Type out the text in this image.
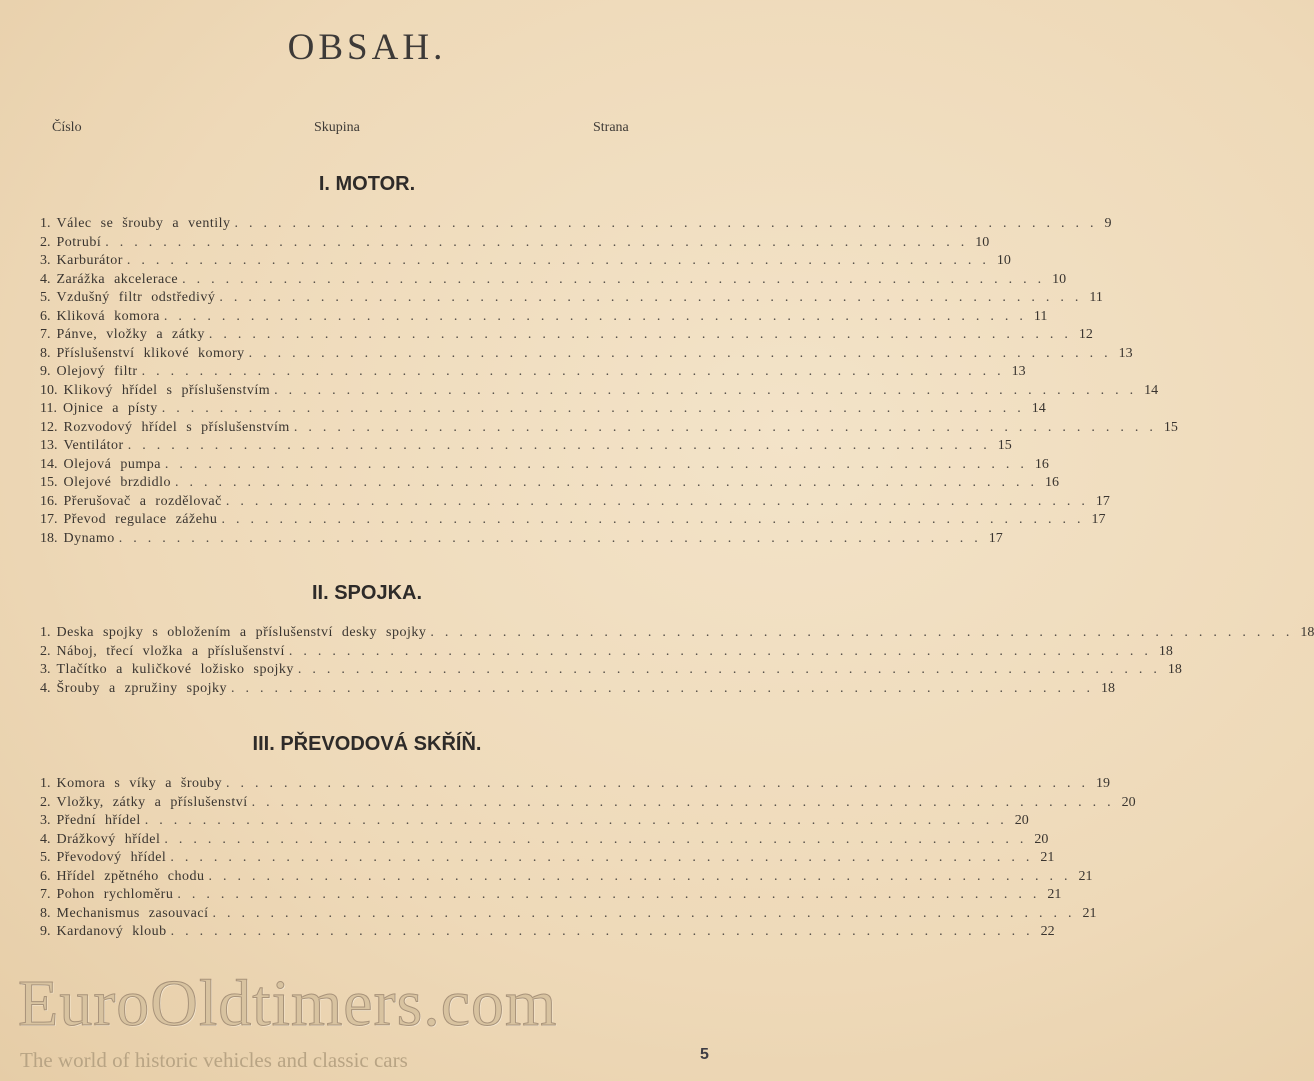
OBSAH.
Číslo	Skupina	Strana
I. MOTOR.
1. Válec se šrouby a ventily ............................................................ 9
2. Potrubí ............................................................ 10
3. Karburátor ............................................................ 10
4. Zarážka akcelerace ............................................................ 10
5. Vzdušný filtr odstředivý ............................................................ 11
6. Kliková komora ............................................................ 11
7. Pánve, vložky a zátky ............................................................ 12
8. Příslušenství klikové komory ............................................................ 13
9. Olejový filtr ............................................................ 13
10. Klikový hřídel s příslušenstvím ............................................................ 14
11. Ojnice a písty ............................................................ 14
12. Rozvodový hřídel s příslušenstvím ............................................................ 15
13. Ventilátor ............................................................ 15
14. Olejová pumpa ............................................................ 16
15. Olejové brzdidlo ............................................................ 16
16. Přerušovač a rozdělovač ............................................................ 17
17. Převod regulace zážehu ............................................................ 17
18. Dynamo ............................................................ 17
II. SPOJKA.
1. Deska spojky s obložením a příslušenství desky spojky ............................................................ 18
2. Náboj, třecí vložka a příslušenství ............................................................ 18
3. Tlačítko a kuličkové ložisko spojky ............................................................ 18
4. Šrouby a zpružiny spojky ............................................................ 18
III. PŘEVODOVÁ SKŘÍŇ.
1. Komora s víky a šrouby ............................................................ 19
2. Vložky, zátky a příslušenství ............................................................ 20
3. Přední hřídel ............................................................ 20
4. Drážkový hřídel ............................................................ 20
5. Převodový hřídel ............................................................ 21
6. Hřídel zpětného chodu ............................................................ 21
7. Pohon rychloměru ............................................................ 21
8. Mechanismus zasouvací ............................................................ 21
9. Kardanový kloub ............................................................ 22
EuroOldtimers.com
The world of historic vehicles and classic cars	5
